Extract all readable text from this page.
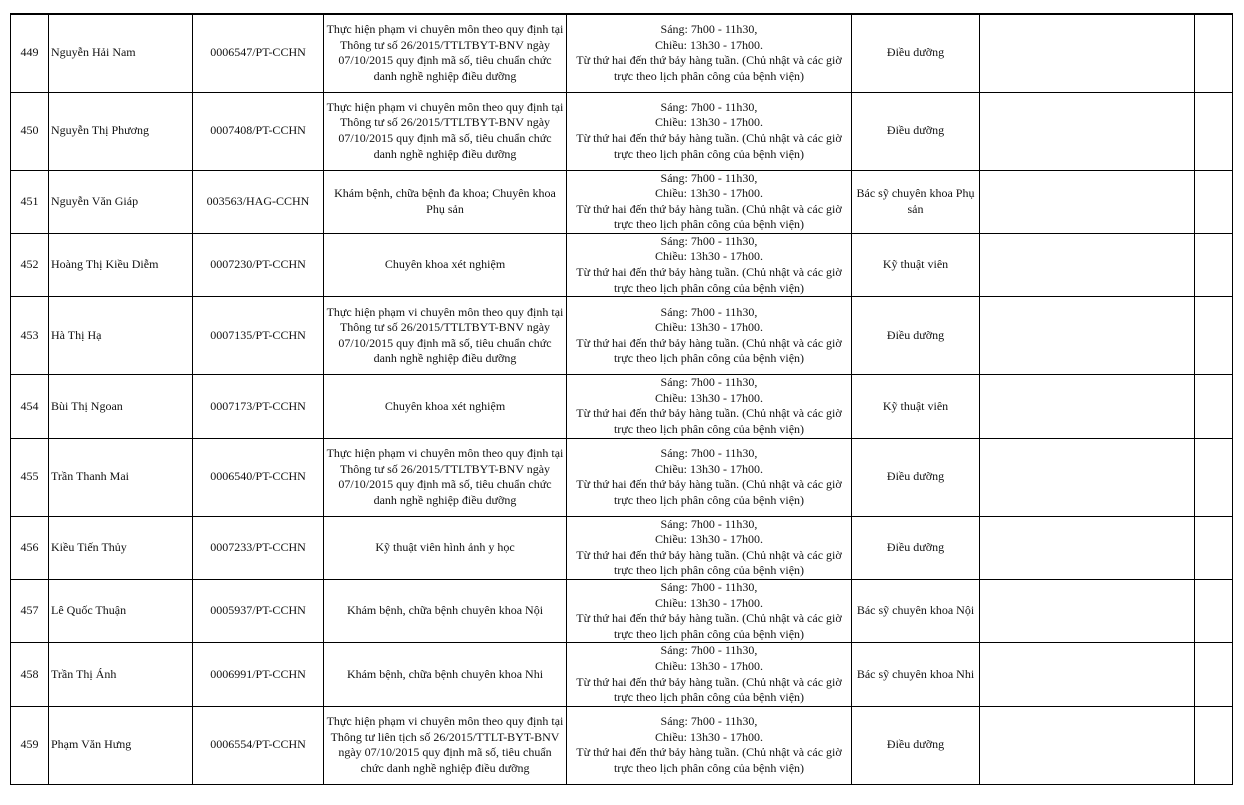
449	Nguyễn Hải Nam	0006547/PT-CCHN	Thực hiện phạm vi chuyên môn theo quy định tại Thông tư số 26/2015/TTLTBYT-BNV ngày 07/10/2015 quy định mã số, tiêu chuẩn chức danh nghề nghiệp điều dưỡng	Sáng: 7h00 - 11h30,
Chiều: 13h30 - 17h00.
Từ thứ hai đến thứ bảy hàng tuần. (Chủ nhật và các giờ trực theo lịch phân công của bệnh viện)	Điều dưỡng		
450	Nguyễn Thị Phương	0007408/PT-CCHN	Thực hiện phạm vi chuyên môn theo quy định tại Thông tư số 26/2015/TTLTBYT-BNV ngày 07/10/2015 quy định mã số, tiêu chuẩn chức danh nghề nghiệp điều dưỡng	Sáng: 7h00 - 11h30,
Chiều: 13h30 - 17h00.
Từ thứ hai đến thứ bảy hàng tuần. (Chủ nhật và các giờ trực theo lịch phân công của bệnh viện)	Điều dưỡng		
451	Nguyễn Văn Giáp	003563/HAG-CCHN	Khám bệnh, chữa bệnh đa khoa; Chuyên khoa Phụ sản	Sáng: 7h00 - 11h30,
Chiều: 13h30 - 17h00.
Từ thứ hai đến thứ bảy hàng tuần. (Chủ nhật và các giờ trực theo lịch phân công của bệnh viện)	Bác sỹ chuyên khoa Phụ sản		
452	Hoàng Thị Kiều Diễm	0007230/PT-CCHN	Chuyên khoa xét nghiệm	Sáng: 7h00 - 11h30,
Chiều: 13h30 - 17h00.
Từ thứ hai đến thứ bảy hàng tuần. (Chủ nhật và các giờ trực theo lịch phân công của bệnh viện)	Kỹ thuật viên		
453	Hà Thị Hạ	0007135/PT-CCHN	Thực hiện phạm vi chuyên môn theo quy định tại Thông tư số 26/2015/TTLTBYT-BNV ngày 07/10/2015 quy định mã số, tiêu chuẩn chức danh nghề nghiệp điều dưỡng	Sáng: 7h00 - 11h30,
Chiều: 13h30 - 17h00.
Từ thứ hai đến thứ bảy hàng tuần. (Chủ nhật và các giờ trực theo lịch phân công của bệnh viện)	Điều dưỡng		
454	Bùi Thị Ngoan	0007173/PT-CCHN	Chuyên khoa xét nghiệm	Sáng: 7h00 - 11h30,
Chiều: 13h30 - 17h00.
Từ thứ hai đến thứ bảy hàng tuần. (Chủ nhật và các giờ trực theo lịch phân công của bệnh viện)	Kỹ thuật viên		
455	Trần Thanh Mai	0006540/PT-CCHN	Thực hiện phạm vi chuyên môn theo quy định tại Thông tư số 26/2015/TTLTBYT-BNV ngày 07/10/2015 quy định mã số, tiêu chuẩn chức danh nghề nghiệp điều dưỡng	Sáng: 7h00 - 11h30,
Chiều: 13h30 - 17h00.
Từ thứ hai đến thứ bảy hàng tuần. (Chủ nhật và các giờ trực theo lịch phân công của bệnh viện)	Điều dưỡng		
456	Kiều Tiến Thủy	0007233/PT-CCHN	Kỹ thuật viên hình ảnh y học	Sáng: 7h00 - 11h30,
Chiều: 13h30 - 17h00.
Từ thứ hai đến thứ bảy hàng tuần. (Chủ nhật và các giờ trực theo lịch phân công của bệnh viện)	Điều dưỡng		
457	Lê Quốc Thuận	0005937/PT-CCHN	Khám bệnh, chữa bệnh chuyên khoa Nội	Sáng: 7h00 - 11h30,
Chiều: 13h30 - 17h00.
Từ thứ hai đến thứ bảy hàng tuần. (Chủ nhật và các giờ trực theo lịch phân công của bệnh viện)	Bác sỹ chuyên khoa Nội		
458	Trần Thị Ánh	0006991/PT-CCHN	Khám bệnh, chữa bệnh chuyên khoa Nhi	Sáng: 7h00 - 11h30,
Chiều: 13h30 - 17h00.
Từ thứ hai đến thứ bảy hàng tuần. (Chủ nhật và các giờ trực theo lịch phân công của bệnh viện)	Bác sỹ chuyên khoa Nhi		
459	Phạm Văn Hưng	0006554/PT-CCHN	Thực hiện phạm vi chuyên môn theo quy định tại Thông tư liên tịch số 26/2015/TTLT-BYT-BNV ngày 07/10/2015 quy định mã số, tiêu chuẩn chức danh nghề nghiệp điều dưỡng	Sáng: 7h00 - 11h30,
Chiều: 13h30 - 17h00.
Từ thứ hai đến thứ bảy hàng tuần. (Chủ nhật và các giờ trực theo lịch phân công của bệnh viện)	Điều dưỡng		
